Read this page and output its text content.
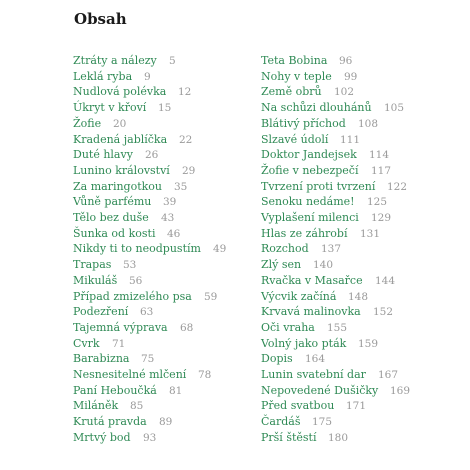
Obsah
Ztráty a nálezy 5
Leklá ryba 9
Nudlová polévka 12
Úkryt v křoví 15
Žofie 20
Kradená jablíčka 22
Duté hlavy 26
Lunino království 29
Za maringotkou 35
Vůně parfému 39
Tělo bez duše 43
Šunka od kosti 46
Nikdy ti to neodpustím 49
Trapas 53
Mikuláš 56
Případ zmizelého psa 59
Podezření 63
Tajemná výprava 68
Cvrk 71
Barabizna 75
Nesnesitelné mlčení 78
Paní Heboučká 81
Miláněk 85
Krutá pravda 89
Mrtvý bod 93
Teta Bobina 96
Nohy v teple 99
Země obrů 102
Na schůzi dlouhánů 105
Blátivý příchod 108
Slzavé údolí 111
Doktor Jandejsek 114
Žofie v nebezpečí 117
Tvrzení proti tvrzení 122
Senoku nedáme! 125
Vyplašení milenci 129
Hlas ze záhrobí 131
Rozchod 137
Zlý sen 140
Rvačka v Masařce 144
Výcvik začíná 148
Krvavá malinovka 152
Oči vraha 155
Volný jako pták 159
Dopis 164
Lunin svatební dar 167
Nepovedené Dušičky 169
Před svatbou 171
Čardáš 175
Prší štěstí 180
